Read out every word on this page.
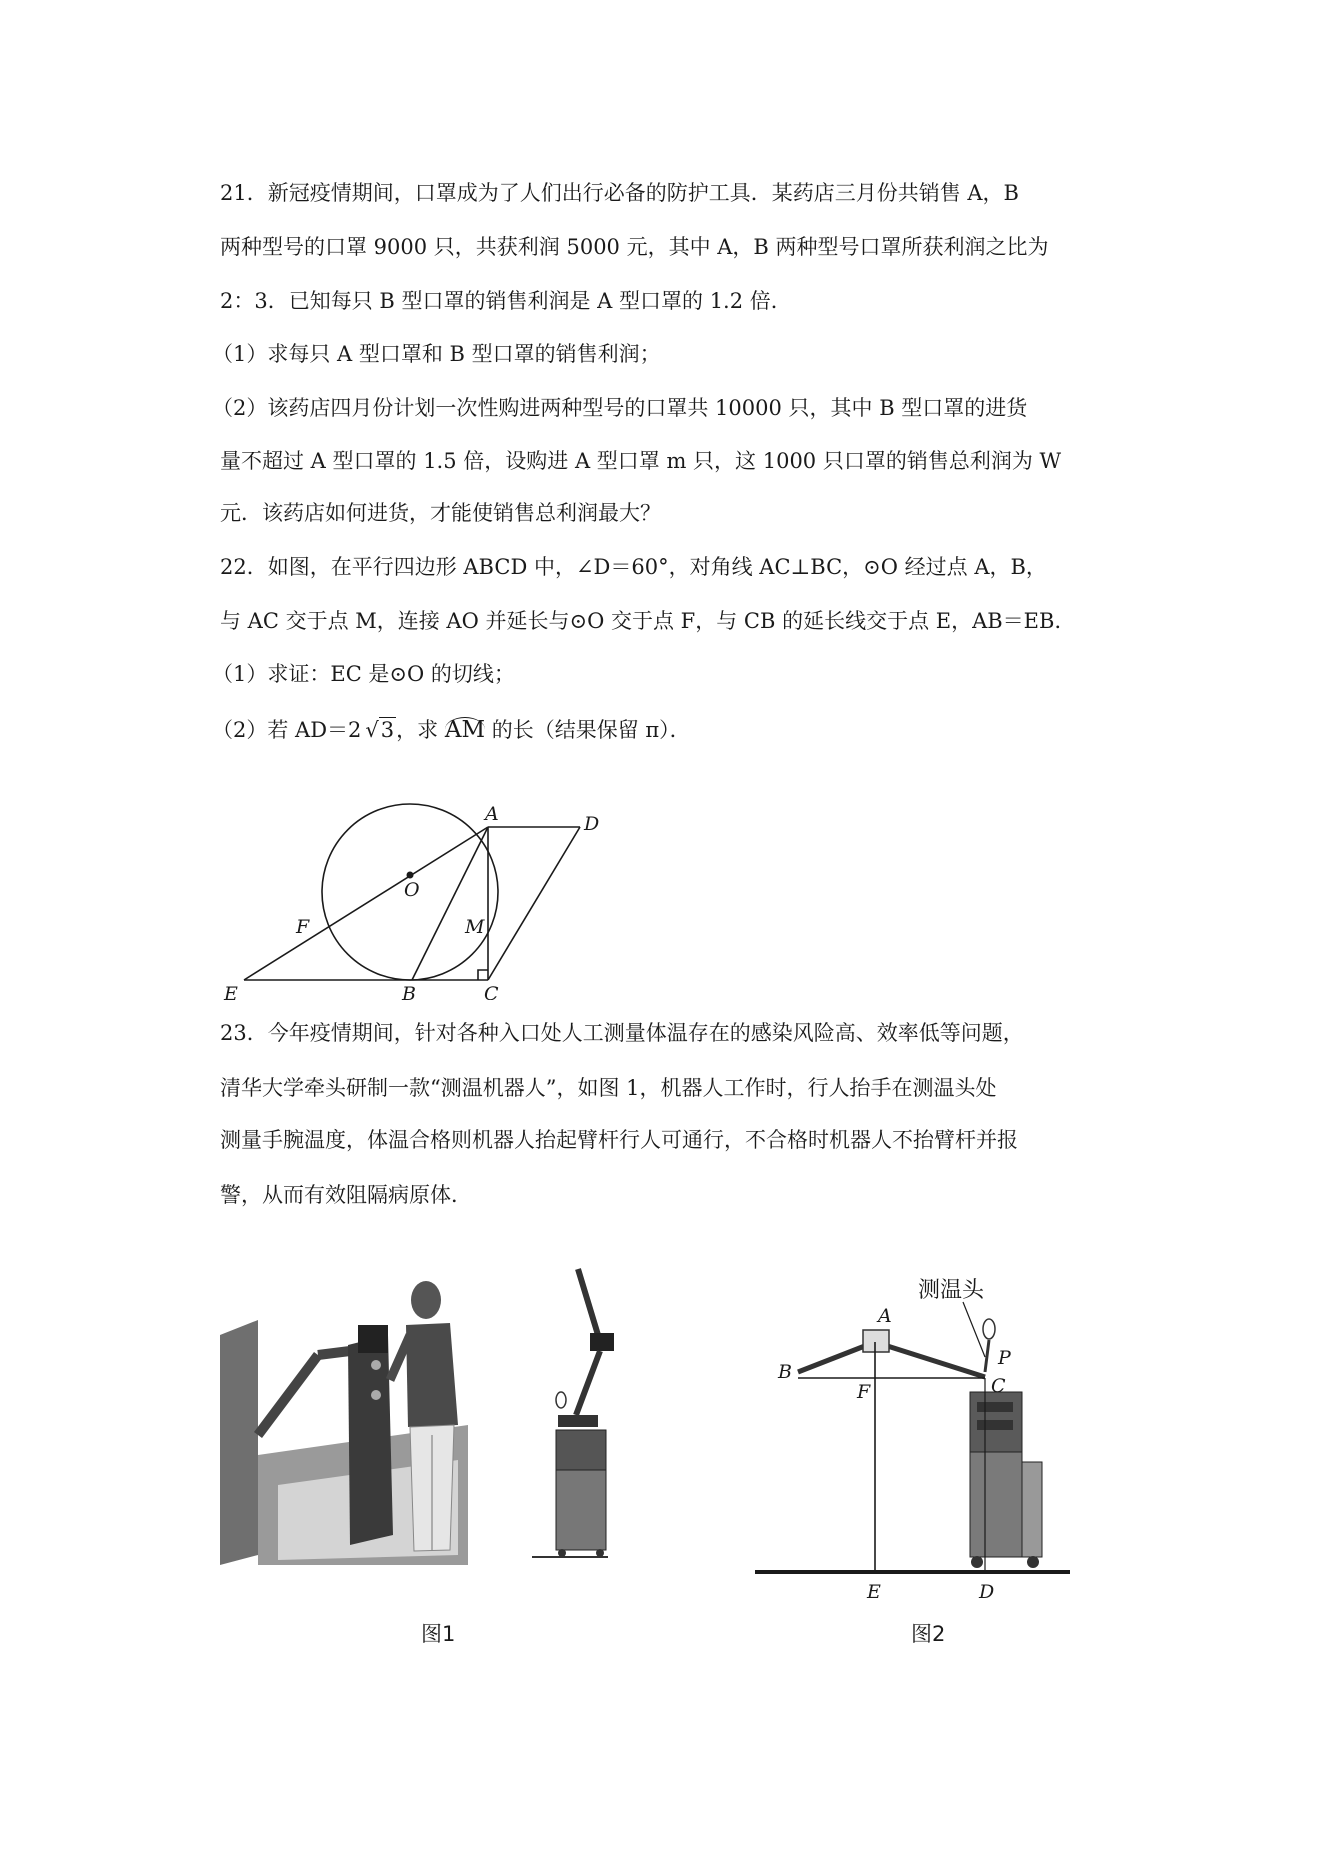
21．新冠疫情期间，口罩成为了人们出行必备的防护工具．某药店三月份共销售 A，B
两种型号的口罩 9000 只，共获利润 5000 元，其中 A，B 两种型号口罩所获利润之比为
2：3．已知每只 B 型口罩的销售利润是 A 型口罩的 1.2 倍．
（1）求每只 A 型口罩和 B 型口罩的销售利润；
（2）该药店四月份计划一次性购进两种型号的口罩共 10000 只，其中 B 型口罩的进货
量不超过 A 型口罩的 1.5 倍，设购进 A 型口罩 m 只，这 1000 只口罩的销售总利润为 W
元．该药店如何进货，才能使销售总利润最大？
22．如图，在平行四边形 ABCD 中，∠D＝60°，对角线 AC⊥BC，⊙O 经过点 A，B，
与 AC 交于点 M，连接 AO 并延长与⊙O 交于点 F，与 CB 的延长线交于点 E，AB＝EB．
（1）求证：EC 是⊙O 的切线；
（2）若 AD＝2 √3，求 AM 的长（结果保留 π）．
A	D
O
M
F
E	B	C
23．今年疫情期间，针对各种入口处人工测量体温存在的感染风险高、效率低等问题，
清华大学牵头研制一款“测温机器人”，如图 1，机器人工作时，行人抬手在测温头处
测量手腕温度，体温合格则机器人抬起臂杆行人可通行，不合格时机器人不抬臂杆并报
警，从而有效阻隔病原体．
图1
A
B
C
P
F
E	D
测温头
图2
